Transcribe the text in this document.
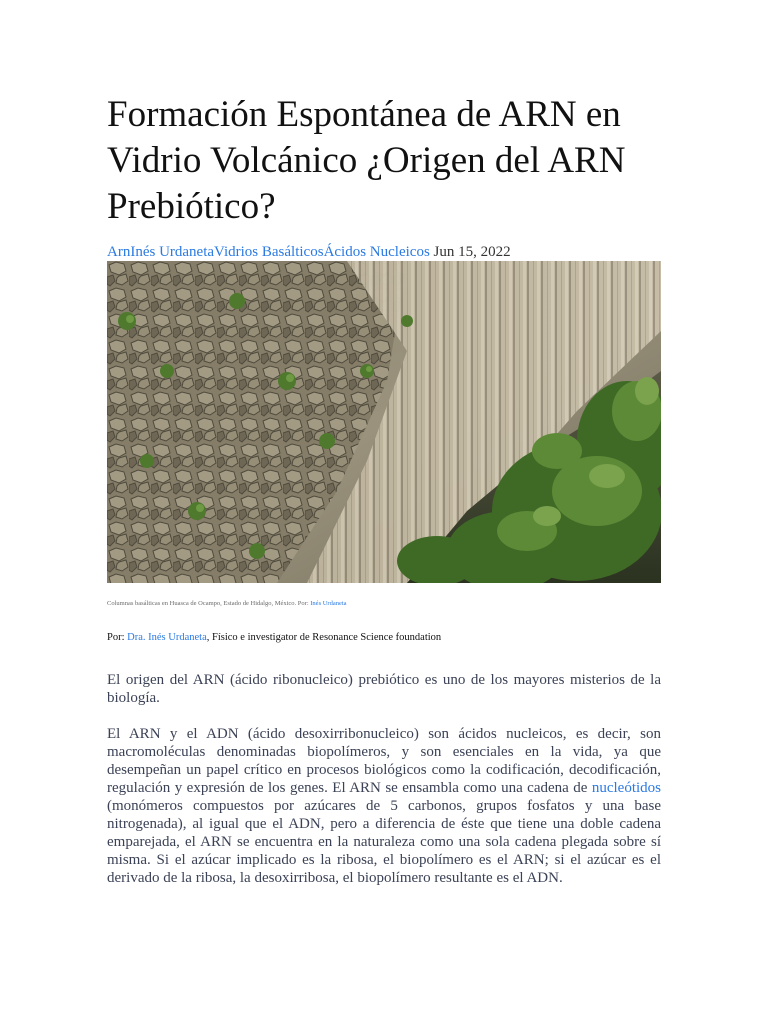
Formación Espontánea de ARN en Vidrio Volcánico ¿Origen del ARN Prebiótico?
ArnInés UrdanetaVidrios BasálticosÁcidos Nucleicos Jun 15, 2022
Columnas basálticas en Huasca de Ocampo, Estado de Hidalgo, México. Por: Inés Urdaneta
Por: Dra. Inés Urdaneta, Físico e investigator de Resonance Science foundation

El origen del ARN (ácido ribonucleico) prebiótico es uno de los mayores misterios de la biología.

El ARN y el ADN (ácido desoxirribonucleico) son ácidos nucleicos, es decir, son macromoléculas denominadas biopolímeros, y son esenciales en la vida, ya que desempeñan un papel crítico en procesos biológicos como la codificación, decodificación, regulación y expresión de los genes. El ARN se ensambla como una cadena de nucleótidos (monómeros compuestos por azúcares de 5 carbonos, grupos fosfatos y una base nitrogenada), al igual que el ADN, pero a diferencia de éste que tiene una doble cadena emparejada, el ARN se encuentra en la naturaleza como una sola cadena plegada sobre sí misma. Si el azúcar implicado es la ribosa, el biopolímero es el ARN; si el azúcar es el derivado de la ribosa, la desoxirribosa, el biopolímero resultante es el ADN.
